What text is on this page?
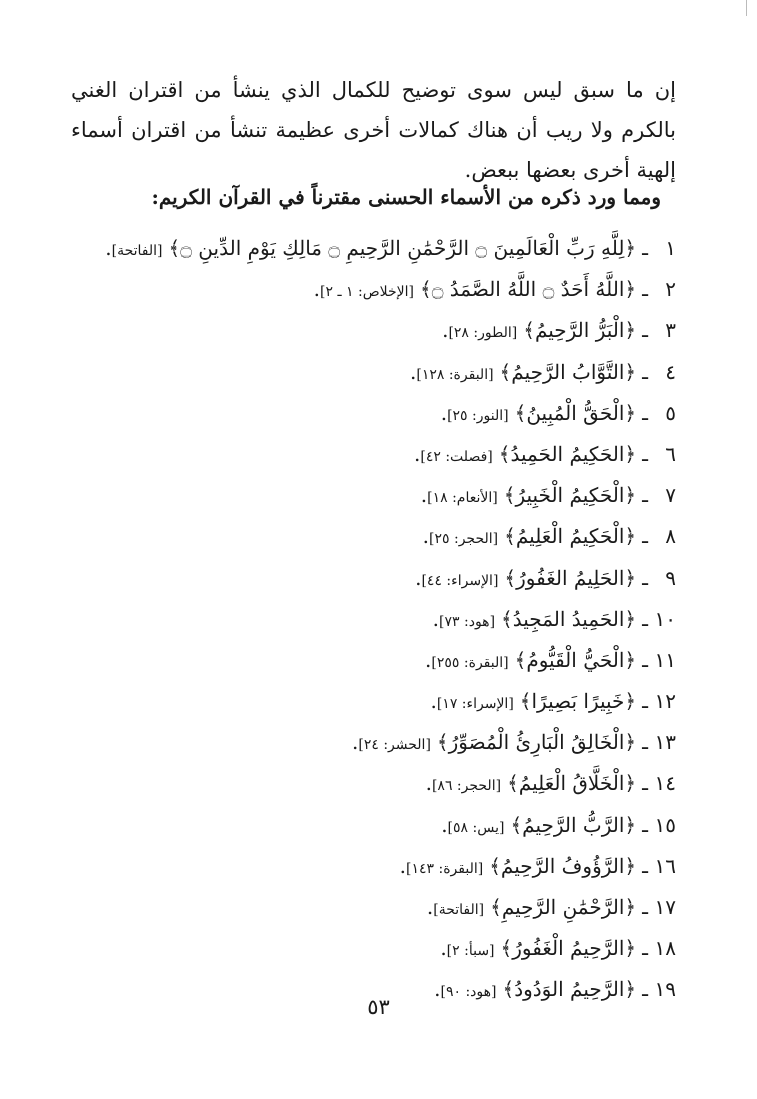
إن ما سبق ليس سوى توضيح للكمال الذي ينشأ من اقتران الغني بالكرم ولا ريب أن هناك كمالات أخرى عظيمة تنشأ من اقتران أسماء إلهية أخرى بعضها ببعض.

ومما ورد ذكره من الأسماء الحسنى مقترناً في القرآن الكريم:

١ـ﴿لِلَّهِ رَبِّ الْعَالَمِينَ ۝ الرَّحْمَٰنِ الرَّحِيمِ ۝ مَالِكِ يَوْمِ الدِّينِ ۝﴾[الفاتحة].
٢ـ﴿اللَّهُ أَحَدٌ ۝ اللَّهُ الصَّمَدُ ۝﴾[الإخلاص: ١ ـ ٢].
٣ـ﴿الْبَرُّ الرَّحِيمُ﴾[الطور: ٢٨].
٤ـ﴿التَّوَّابُ الرَّحِيمُ﴾[البقرة: ١٢٨].
٥ـ﴿الْحَقُّ الْمُبِينُ﴾[النور: ٢٥].
٦ـ﴿الحَكِيمُ الحَمِيدُ﴾[فصلت: ٤٢].
٧ـ﴿الْحَكِيمُ الْخَبِيرُ﴾[الأنعام: ١٨].
٨ـ﴿الْحَكِيمُ الْعَلِيمُ﴾[الحجر: ٢٥].
٩ـ﴿الحَلِيمُ الغَفُورُ﴾[الإسراء: ٤٤].
١٠ـ﴿الحَمِيدُ المَجِيدُ﴾[هود: ٧٣].
١١ـ﴿الْحَيُّ الْقَيُّومُ﴾[البقرة: ٢٥٥].
١٢ـ﴿خَبِيرًا بَصِيرًا﴾[الإسراء: ١٧].
١٣ـ﴿الْخَالِقُ الْبَارِئُ الْمُصَوِّرُ﴾[الحشر: ٢٤].
١٤ـ﴿الْخَلَّاقُ الْعَلِيمُ﴾[الحجر: ٨٦].
١٥ـ﴿الرَّبُّ الرَّحِيمُ﴾[يس: ٥٨].
١٦ـ﴿الرَّؤُوفُ الرَّحِيمُ﴾[البقرة: ١٤٣].
١٧ـ﴿الرَّحْمَٰنِ الرَّحِيمِ﴾[الفاتحة].
١٨ـ﴿الرَّحِيمُ الْغَفُورُ﴾[سبأ: ٢].
١٩ـ﴿الرَّحِيمُ الوَدُودُ﴾[هود: ٩٠].
٥٣
